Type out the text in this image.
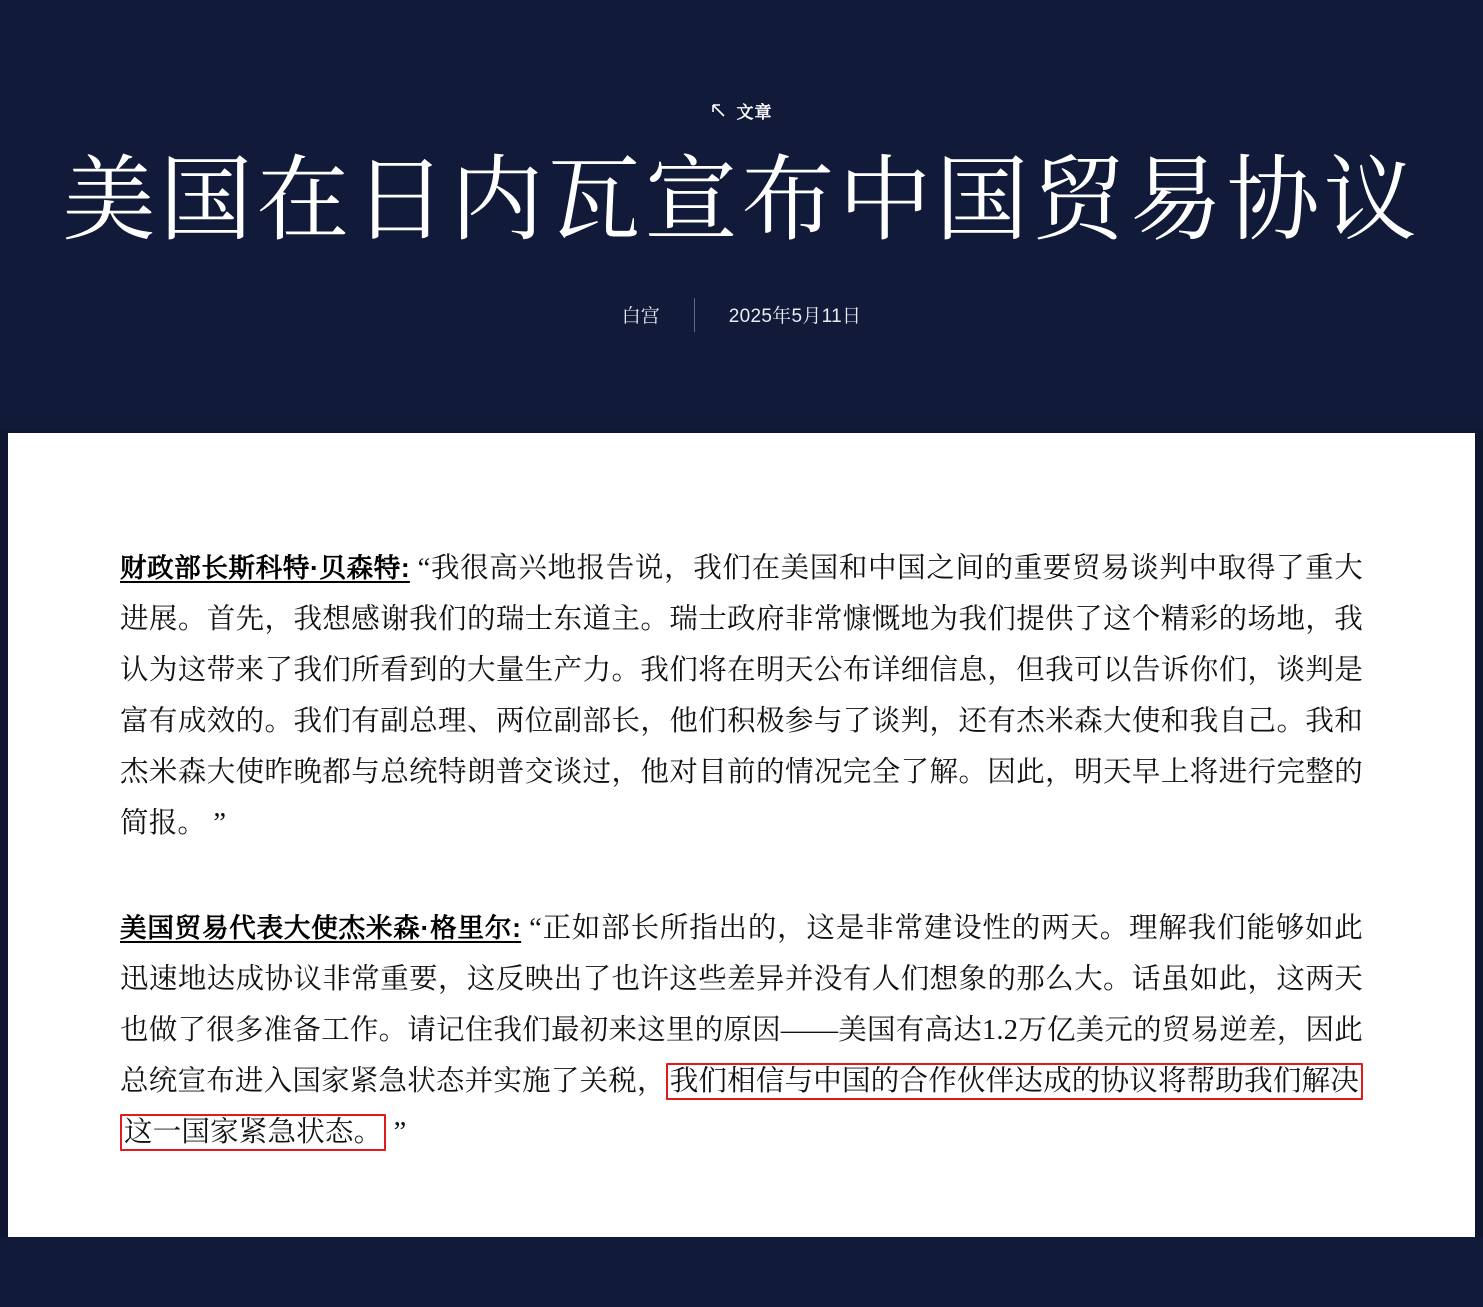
文章
美国在日内瓦宣布中国贸易协议
白宫	2025年5月11日

财政部长斯科特·贝森特: “我很高兴地报告说，我们在美国和中国之间的重要贸易谈判中取得了重大进展。首先，我想感谢我们的瑞士东道主。瑞士政府非常慷慨地为我们提供了这个精彩的场地，我认为这带来了我们所看到的大量生产力。我们将在明天公布详细信息，但我可以告诉你们，谈判是富有成效的。我们有副总理、两位副部长，他们积极参与了谈判，还有杰米森大使和我自己。我和杰米森大使昨晚都与总统特朗普交谈过，他对目前的情况完全了解。因此，明天早上将进行完整的简报。 ”

美国贸易代表大使杰米森·格里尔: “正如部长所指出的，这是非常建设性的两天。理解我们能够如此迅速地达成协议非常重要，这反映出了也许这些差异并没有人们想象的那么大。话虽如此，这两天也做了很多准备工作。请记住我们最初来这里的原因——美国有高达1.2万亿美元的贸易逆差，因此总统宣布进入国家紧急状态并实施了关税， 我们相信与中国的合作伙伴达成的协议将帮助我们解决这一国家紧急状态。 ”
